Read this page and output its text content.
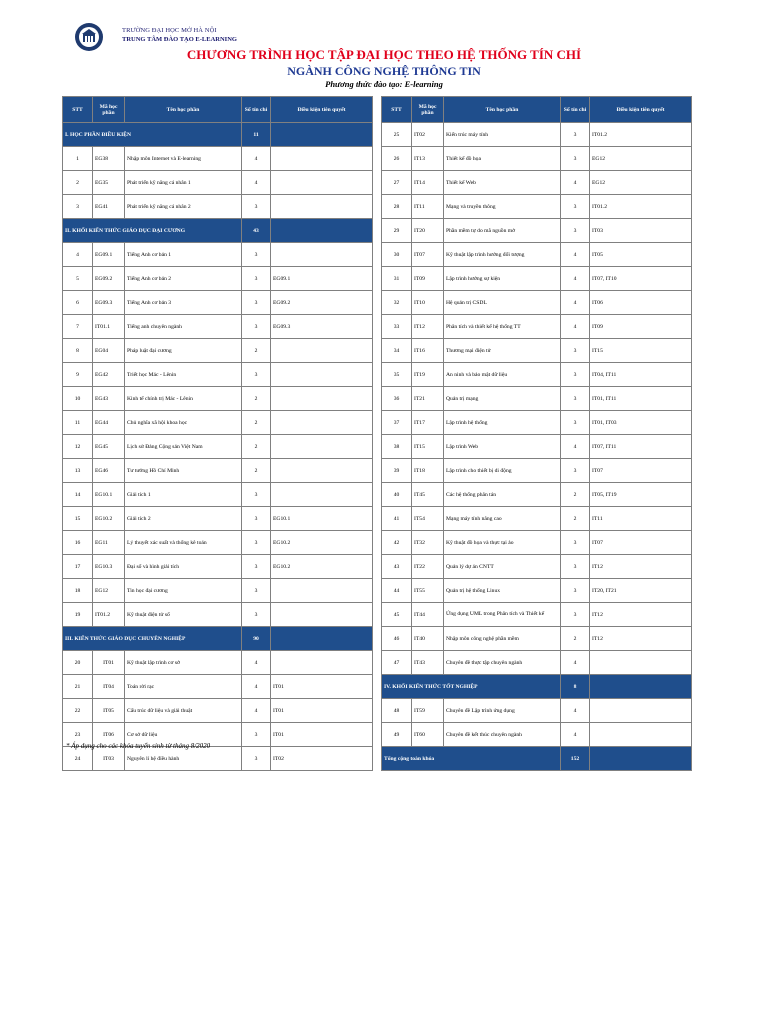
TRƯỜNG ĐẠI HỌC MỞ HÀ NỘI
TRUNG TÂM ĐÀO TẠO E-LEARNING
CHƯƠNG TRÌNH HỌC TẬP ĐẠI HỌC THEO HỆ THỐNG TÍN CHỈ
NGÀNH CÔNG NGHỆ THÔNG TIN
Phương thức đào tạo: E-learning
STT	Mã học phần	Tên học phần	Số tín chỉ	Điều kiện tiên quyết
I. HỌC PHẦN ĐIỀU KIỆN			11	
1	EG38	Nhập môn Internet và E-learning	4	
2	EG35	Phát triển kỹ năng cá nhân 1	4	
3	EG41	Phát triển kỹ năng cá nhân 2	3	
II. KHỐI KIẾN THỨC GIÁO DỤC ĐẠI CƯƠNG			43	
4	EG09.1	Tiếng Anh cơ bản 1	3	
5	EG09.2	Tiếng Anh cơ bản 2	3	EG09.1
6	EG09.3	Tiếng Anh cơ bản 3	3	EG09.2
7	IT01.1	Tiếng anh chuyên ngành	3	EG09.3
8	EG04	Pháp luật đại cương	2	
9	EG42	Triết học Mác - Lênin	3	
10	EG43	Kinh tế chính trị Mác - Lênin	2	
11	EG44	Chủ nghĩa xã hội khoa học	2	
12	EG45	Lịch sử Đảng Cộng sản Việt Nam	2	
13	EG46	Tư tưởng Hồ Chí Minh	2	
14	EG10.1	Giải tích 1	3	
15	EG10.2	Giải tích 2	3	EG10.1
16	EG11	Lý thuyết xác suất và thống kê toán	3	EG10.2
17	EG10.3	Đại số và hình giải tích	3	EG10.2
18	EG12	Tin học đại cương	3	
19	IT01.2	Kỹ thuật điện tử số	3	
III. KIẾN THỨC GIÁO DỤC CHUYÊN NGHIỆP			90	
20	IT01	Kỹ thuật lập trình cơ sở	4	
21	IT04	Toán rời rạc	4	IT01
22	IT05	Cấu trúc dữ liệu và giải thuật	4	IT01
23	IT06	Cơ sở dữ liệu	3	IT01
24	IT03	Nguyên lí hệ điều hành	3	IT02
STT	Mã học phần	Tên học phần	Số tín chỉ	Điều kiện tiên quyết
25	IT02	Kiến trúc máy tính	3	IT01.2
26	IT13	Thiết kế đồ họa	3	EG12
27	IT14	Thiết kế Web	4	EG12
28	IT11	Mạng và truyền thông	3	IT01.2
29	IT20	Phần mềm tự do mã nguồn mở	3	IT03
30	IT07	Kỹ thuật lập trình hướng đối tượng	4	IT05
31	IT09	Lập trình hướng sự kiện	4	IT07, IT10
32	IT10	Hệ quản trị CSDL	4	IT06
33	IT12	Phân tích và thiết kế hệ thống TT	4	IT09
34	IT16	Thương mại điện tử	3	IT15
35	IT19	An ninh và bảo mật dữ liệu	3	IT04, IT11
36	IT21	Quản trị mạng	3	IT01, IT11
37	IT17	Lập trình hệ thống	3	IT01, IT03
38	IT15	Lập trình Web	4	IT07, IT11
39	IT18	Lập trình cho thiết bị di động	3	IT07
40	IT45	Các hệ thống phân tán	2	IT05, IT19
41	IT54	Mạng máy tính nâng cao	2	IT11
42	IT32	Kỹ thuật đồ họa và thực tại ảo	3	IT07
43	IT22	Quản lý dự án CNTT	3	IT12
44	IT55	Quản trị hệ thống Linux	3	IT20, IT21
45	IT44	Ứng dụng UML trong Phân tích và Thiết kế	3	IT12
46	IT40	Nhập môn công nghệ phần mềm	2	IT12
47	IT43	Chuyên đề thực tập chuyên ngành	4	
IV. KHỐI KIẾN THỨC TỐT NGHIỆP			8	
48	IT59	Chuyên đề Lập trình ứng dụng	4	
49	IT60	Chuyên đề kết thúc chuyên ngành	4	
Tổng cộng toàn khóa			152	
* Áp dụng cho các khóa tuyển sinh từ tháng 8/2020
